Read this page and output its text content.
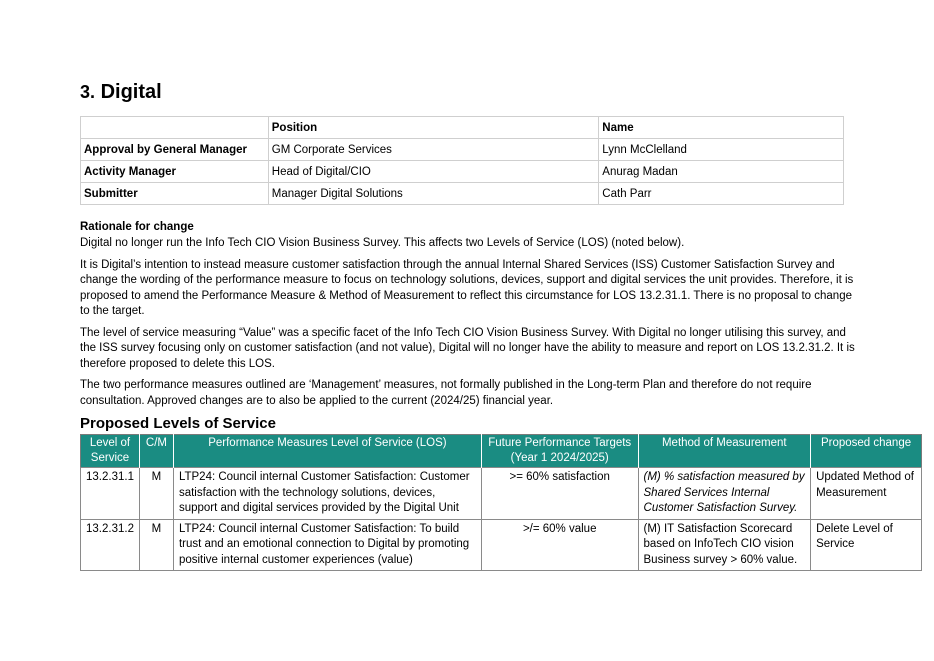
3. Digital
	Position	Name
Approval by General Manager	GM Corporate Services	Lynn McClelland
Activity Manager	Head of Digital/CIO	Anurag Madan
Submitter	Manager Digital Solutions	Cath Parr
Rationale for change

Digital no longer run the Info Tech CIO Vision Business Survey. This affects two Levels of Service (LOS) (noted below).

It is Digital’s intention to instead measure customer satisfaction through the annual Internal Shared Services (ISS) Customer Satisfaction Survey and change the wording of the performance measure to focus on technology solutions, devices, support and digital services the unit provides. Therefore, it is proposed to amend the Performance Measure & Method of Measurement to reflect this circumstance for LOS 13.2.31.1. There is no proposal to change to the target.

The level of service measuring “Value” was a specific facet of the Info Tech CIO Vision Business Survey. With Digital no longer utilising this survey, and the ISS survey focusing only on customer satisfaction (and not value), Digital will no longer have the ability to measure and report on LOS 13.2.31.2. It is therefore proposed to delete this LOS.

The two performance measures outlined are ‘Management’ measures, not formally published in the Long-term Plan and therefore do not require consultation. Approved changes are to also be applied to the current (2024/25) financial year.

Proposed Levels of Service
Level of Service	C/M	Performance Measures Level of Service (LOS)	Future Performance Targets (Year 1 2024/2025)	Method of Measurement	Proposed change
13.2.31.1	M	LTP24: Council internal Customer Satisfaction: Customer satisfaction with the technology solutions, devices, support and digital services provided by the Digital Unit	>= 60% satisfaction	(M) % satisfaction measured by Shared Services Internal Customer Satisfaction Survey.	Updated Method of Measurement
13.2.31.2	M	LTP24: Council internal Customer Satisfaction: To build trust and an emotional connection to Digital by promoting positive internal customer experiences (value)	>/= 60% value	(M) IT Satisfaction Scorecard based on InfoTech CIO vision Business survey > 60% value.	Delete Level of Service
